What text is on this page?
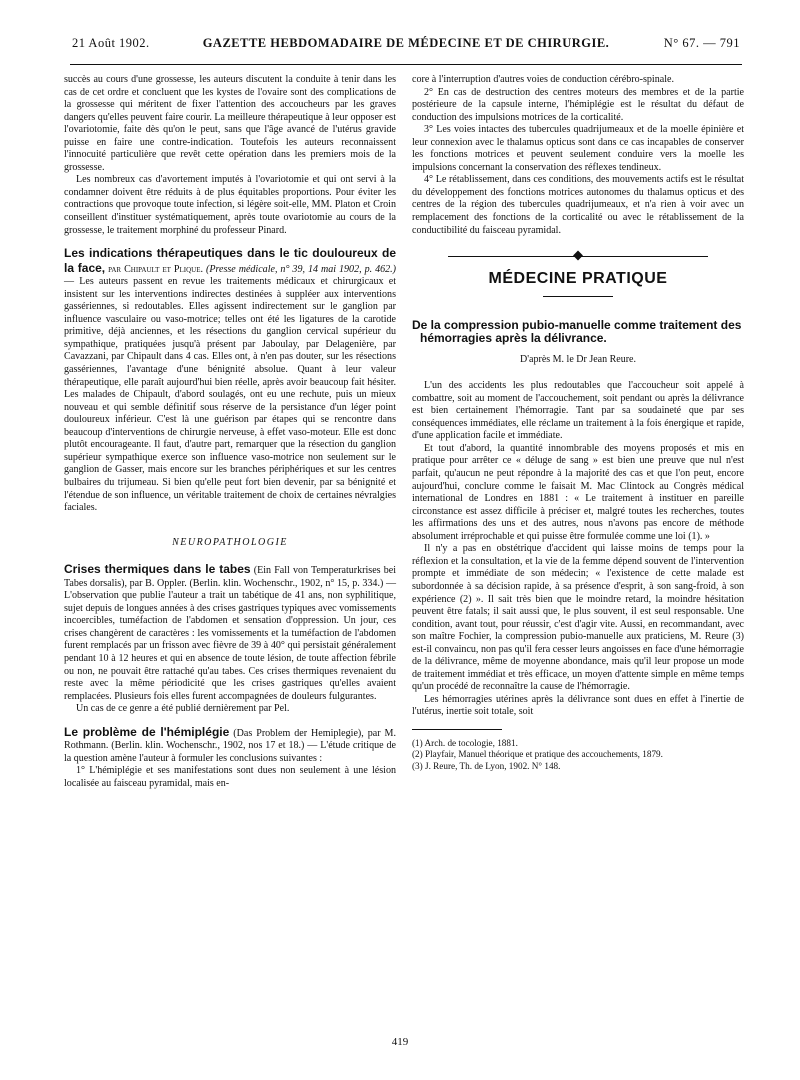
21 Août 1902.	GAZETTE HEBDOMADAIRE DE MÉDECINE ET DE CHIRURGIE.	N° 67. — 791

succès au cours d'une grossesse, les auteurs discutent la conduite à tenir dans les cas de cet ordre et concluent que les kystes de l'ovaire sont des complications de la grossesse qui méritent de fixer l'attention des accoucheurs par les graves dangers qu'elles peuvent faire courir. La meilleure thérapeutique à leur opposer est l'ovariotomie, faite dès qu'on le peut, sans que l'âge avancé de l'utérus gravide puisse en faire une contre-indication. Toutefois les auteurs reconnaissent l'innocuité particulière que revêt cette opération dans les premiers mois de la grossesse.

Les nombreux cas d'avortement imputés à l'ovariotomie et qui ont servi à la condamner doivent être réduits à de plus équitables proportions. Pour éviter les contractions que provoque toute infection, si légère soit-elle, MM. Platon et Croin conseillent d'instituer systématiquement, après toute ovariotomie au cours de la grossesse, le traitement morphiné du professeur Pinard.

Les indications thérapeutiques dans le tic douloureux de la face, par Chipault et Plique. (Presse médicale, n° 39, 14 mai 1902, p. 462.) — Les auteurs passent en revue les traitements médicaux et chirurgicaux et insistent sur les interventions indirectes destinées à suppléer aux interventions gassériennes, si redoutables. Elles agissent indirectement sur le ganglion par influence vasculaire ou vaso-motrice; telles ont été les ligatures de la carotide primitive, déjà anciennes, et les résections du ganglion cervical supérieur du sympathique, pratiquées jusqu'à présent par Jaboulay, par Delagenière, par Cavazzani, par Chipault dans 4 cas. Elles ont, à n'en pas douter, sur les résections gassériennes, l'avantage d'une bénignité absolue. Quant à leur valeur thérapeutique, elle paraît aujourd'hui bien réelle, après avoir beaucoup fait hésiter. Les malades de Chipault, d'abord soulagés, ont eu une rechute, puis un mieux nouveau et qui semble définitif sous réserve de la persistance d'un léger point douloureux inférieur. C'est là une guérison par étapes qui se rencontre dans beaucoup d'interventions de chirurgie nerveuse, à effet vaso-moteur. Elle est donc plutôt encourageante. Il faut, d'autre part, remarquer que la résection du ganglion supérieur sympathique exerce son influence vaso-motrice non seulement sur le ganglion de Gasser, mais encore sur les branches périphériques et sur les centres bulbaires du trijumeau. Si bien qu'elle peut fort bien devenir, par sa bénignité et l'étendue de son influence, un véritable traitement de choix de certaines névralgies faciales.

NEUROPATHOLOGIE

Crises thermiques dans le tabes (Ein Fall von Temperaturkrises bei Tabes dorsalis), par B. Oppler. (Berlin. klin. Wochenschr., 1902, n° 15, p. 334.) — L'observation que publie l'auteur a trait un tabétique de 41 ans, non syphilitique, sujet depuis de longues années à des crises gastriques typiques avec vomissements incoercibles, tuméfaction de l'abdomen et sensation d'oppression. Un jour, ces crises changèrent de caractères : les vomissements et la tuméfaction de l'abdomen furent remplacés par un frisson avec fièvre de 39 à 40° qui persistait généralement pendant 10 à 12 heures et qui en absence de toute lésion, de toute affection fébrile ou non, ne pouvait être rattaché qu'au tabes. Ces crises thermiques revenaient du reste avec la même périodicité que les crises gastriques qu'elles avaient remplacées. Plusieurs fois elles furent accompagnées de douleurs fulgurantes.

Un cas de ce genre a été publié dernièrement par Pel.

Le problème de l'hémiplégie (Das Problem der Hemiplegie), par M. Rothmann. (Berlin. klin. Wochenschr., 1902, nos 17 et 18.) — L'étude critique de la question amène l'auteur à formuler les conclusions suivantes :

1° L'hémiplégie et ses manifestations sont dues non seulement à une lésion localisée au faisceau pyramidal, mais en-

core à l'interruption d'autres voies de conduction cérébro-spinale.

2° En cas de destruction des centres moteurs des membres et de la partie postérieure de la capsule interne, l'hémiplégie est le résultat du défaut de conduction des impulsions motrices de la corticalité.

3° Les voies intactes des tubercules quadrijumeaux et de la moelle épinière et leur connexion avec le thalamus opticus sont dans ce cas incapables de conserver les fonctions motrices et peuvent seulement conduire vers la moelle les impulsions concernant la conservation des réflexes tendineux.

4° Le rétablissement, dans ces conditions, des mouvements actifs est le résultat du développement des fonctions motrices autonomes du thalamus opticus et des centres de la région des tubercules quadrijumeaux, et n'a rien à voir avec un remplacement des fonctions de la corticalité ou avec le rétablissement de la conductibilité du faisceau pyramidal.

MÉDECINE PRATIQUE
De la compression pubio-manuelle comme traitement des hémorragies après la délivrance.
D'après M. le Dr Jean Reure.

L'un des accidents les plus redoutables que l'accoucheur soit appelé à combattre, soit au moment de l'accouchement, soit pendant ou après la délivrance est bien certainement l'hémorragie. Tant par sa soudaineté que par ses conséquences immédiates, elle réclame un traitement à la fois énergique et rapide, d'une application facile et immédiate.

Et tout d'abord, la quantité innombrable des moyens proposés et mis en pratique pour arrêter ce « déluge de sang » est bien une preuve que nul n'est parfait, qu'aucun ne peut répondre à la majorité des cas et que l'on peut, encore aujourd'hui, conclure comme le faisait M. Mac Clintock au Congrès médical international de Londres en 1881 : « Le traitement à instituer en pareille circonstance est assez difficile à préciser et, malgré toutes les recherches, toutes les affirmations des uns et des autres, nous n'avons pas encore de méthode absolument irréprochable et qui puisse être formulée comme une loi (1). »

Il n'y a pas en obstétrique d'accident qui laisse moins de temps pour la réflexion et la consultation, et la vie de la femme dépend souvent de l'intervention prompte et immédiate de son médecin; « l'existence de cette malade est subordonnée à sa décision rapide, à sa présence d'esprit, à son sang-froid, à son expérience (2) ». Il sait très bien que le moindre retard, la moindre hésitation peuvent être fatals; il sait aussi que, le plus souvent, il est seul responsable. Une condition, avant tout, pour réussir, c'est d'agir vite. Aussi, en recommandant, avec son maître Fochier, la compression pubio-manuelle aux praticiens, M. Reure (3) est-il convaincu, non pas qu'il fera cesser leurs angoisses en face d'une hémorragie de la délivrance, même de moyenne abondance, mais qu'il leur propose un mode de traitement immédiat et très efficace, un moyen d'attente simple en même temps qu'un procédé de reconnaître la cause de l'hémorragie.

Les hémorragies utérines après la délivrance sont dues en effet à l'inertie de l'utérus, inertie soit totale, soit

(1) Arch. de tocologie, 1881.

(2) Playfair, Manuel théorique et pratique des accouchements, 1879.

(3) J. Reure, Th. de Lyon, 1902. N° 148.

419
